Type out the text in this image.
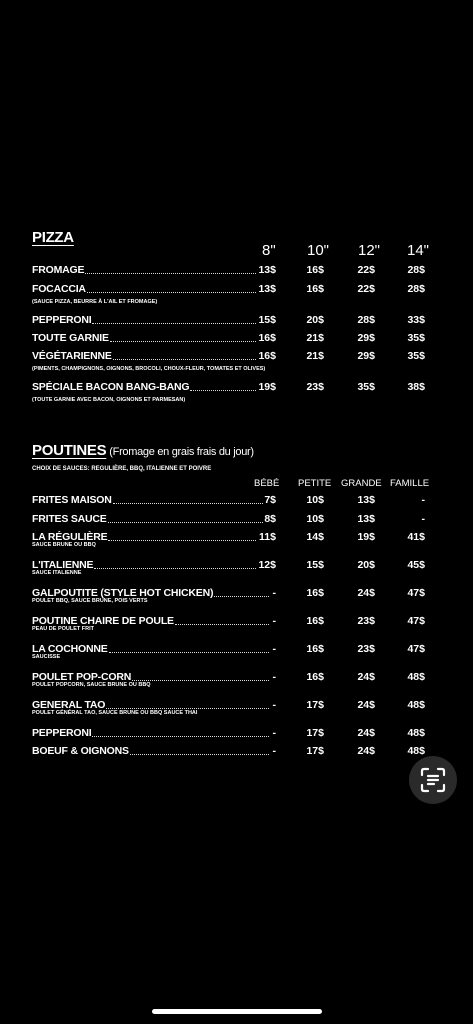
PIZZA
8" 10" 12" 14"
FROMAGE	13$	16$	22$	28$
FOCACCIA	13$	16$	22$	28$
(SAUCE PIZZA, BEURRE À L'AIL ET FROMAGE)
PEPPERONI	15$	20$	28$	33$
TOUTE GARNIE	16$	21$	29$	35$
VÉGÉTARIENNE	16$	21$	29$	35$
(PIMENTS, CHAMPIGNONS, OIGNONS, BROCOLI, CHOUX-FLEUR, TOMATES ET OLIVES)
SPÉCIALE BACON BANG-BANG	19$	23$	35$	38$
(TOUTE GARNIE AVEC BACON, OIGNONS ET PARMESAN)
POUTINES (Fromage en grais frais du jour)
CHOIX DE SAUCES: REGULIÈRE, BBQ, ITALIENNE ET POIVRE
BÉBÉ PETITE GRANDE FAMILLE
FRITES MAISON	7$	10$	13$	-
FRITES SAUCE	8$	10$	13$	-
LA RÉGULIÈRE	11$	14$	19$	41$
SAUCE BRUNE OU BBQ
L'ITALIENNE	12$	15$	20$	45$
SAUCE ITALIENNE
GALPOUTITE (STYLE HOT CHICKEN)	-	16$	24$	47$
POULET BBQ, SAUCE BRUNE, POIS VERTS
POUTINE CHAIRE DE POULE	-	16$	23$	47$
PEAU DE POULET FRIT
LA COCHONNE	-	16$	23$	47$
SAUCISSE
POULET POP-CORN	-	16$	24$	48$
POULET POPCORN, SAUCE BRUNE OU BBQ
GENERAL TAO	-	17$	24$	48$
POULET GÉNÉRAL TAO, SAUCE BRUNE OU BBQ SAUCE THAI
PEPPERONI	-	17$	24$	48$
BOEUF & OIGNONS	-	17$	24$	48$
